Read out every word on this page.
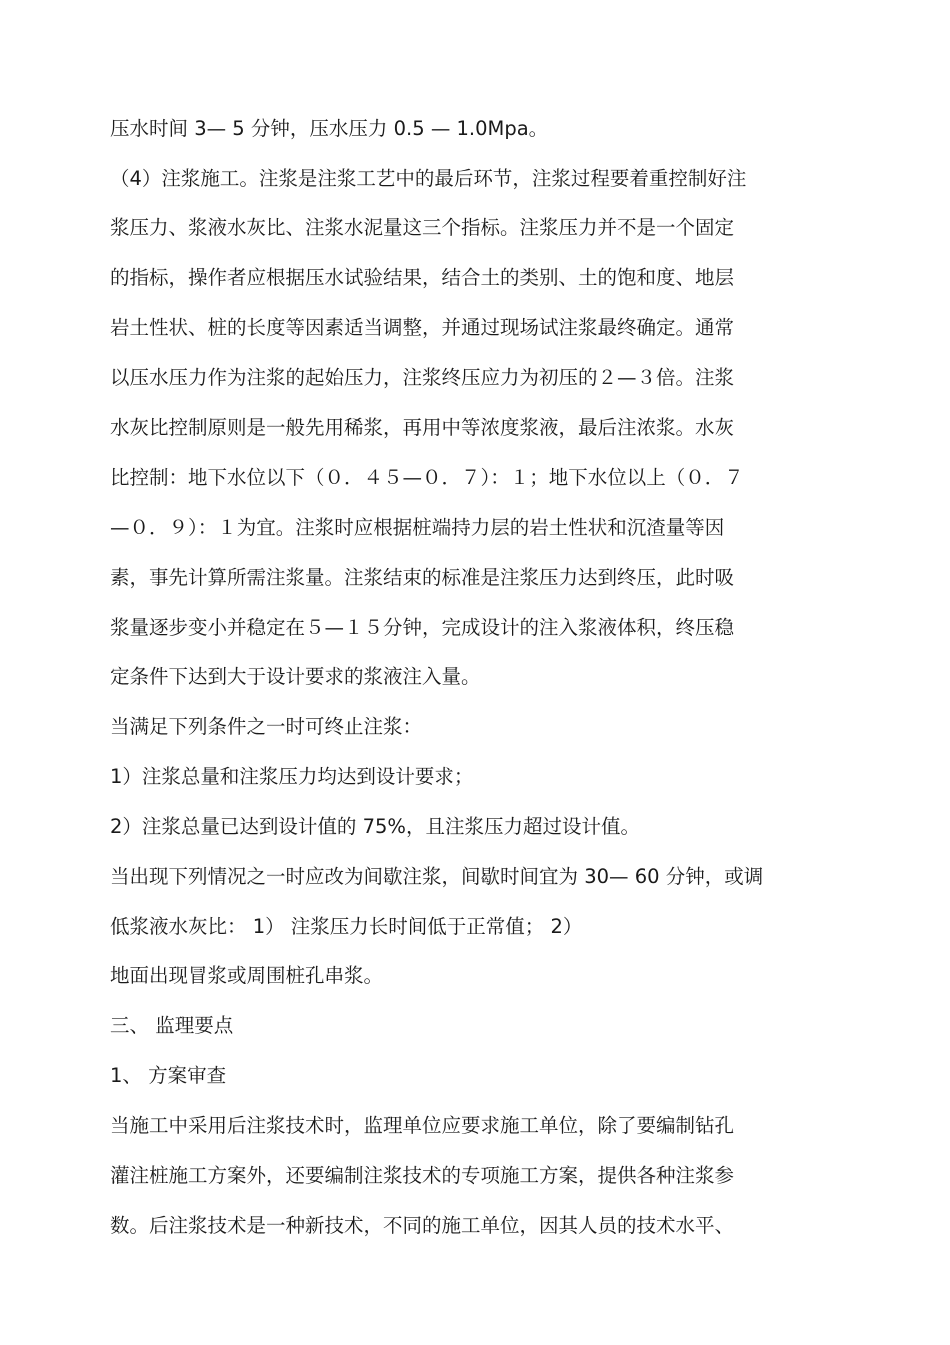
压水时间 3— 5 分钟，压水压力 0.5 — 1.0Mpa。
（4）注浆施工。注浆是注浆工艺中的最后环节，注浆过程要着重控制好注
浆压力、浆液水灰比、注浆水泥量这三个指标。注浆压力并不是一个固定
的指标，操作者应根据压水试验结果，结合土的类别、土的饱和度、地层
岩土性状、桩的长度等因素适当调整，并通过现场试注浆最终确定。通常
以压水压力作为注浆的起始压力，注浆终压应力为初压的２—３倍。注浆
水灰比控制原则是一般先用稀浆，再用中等浓度浆液，最后注浓浆。水灰
比控制：地下水位以下（０．４５—０．７）：１；地下水位以上（０．７
—０．９）：１为宜。注浆时应根据桩端持力层的岩土性状和沉渣量等因
素，事先计算所需注浆量。注浆结束的标准是注浆压力达到终压，此时吸
浆量逐步变小并稳定在５—１５分钟，完成设计的注入浆液体积，终压稳
定条件下达到大于设计要求的浆液注入量。
当满足下列条件之一时可终止注浆：
1）注浆总量和注浆压力均达到设计要求；
2）注浆总量已达到设计值的 75%，且注浆压力超过设计值。
当出现下列情况之一时应改为间歇注浆，间歇时间宜为 30— 60 分钟，或调
低浆液水灰比： 1） 注浆压力长时间低于正常值； 2）
地面出现冒浆或周围桩孔串浆。
三、 监理要点
1、 方案审查
当施工中采用后注浆技术时，监理单位应要求施工单位，除了要编制钻孔
灌注桩施工方案外，还要编制注浆技术的专项施工方案，提供各种注浆参
数。后注浆技术是一种新技术，不同的施工单位，因其人员的技术水平、
